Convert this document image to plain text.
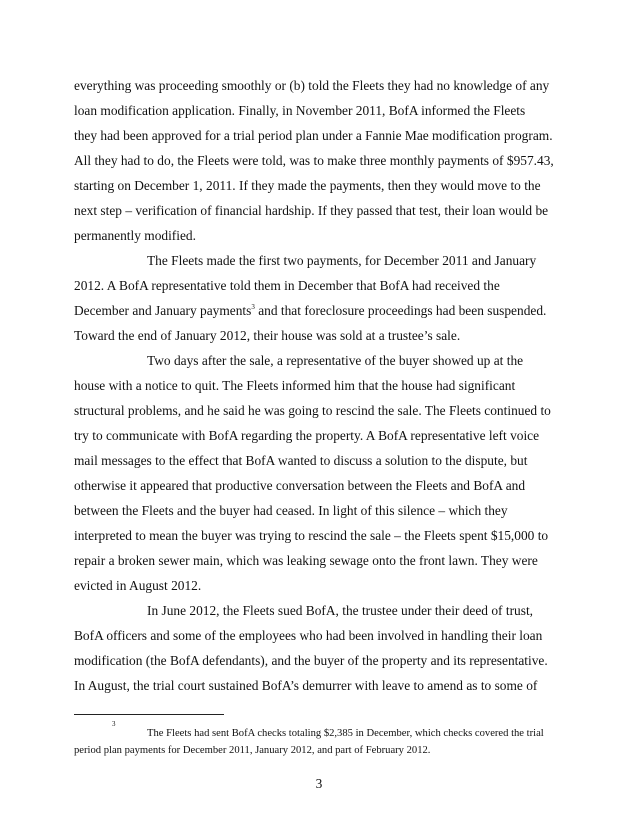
everything was proceeding smoothly or (b) told the Fleets they had no knowledge of any
loan modification application. Finally, in November 2011, BofA informed the Fleets
they had been approved for a trial period plan under a Fannie Mae modification program.
All they had to do, the Fleets were told, was to make three monthly payments of $957.43,
starting on December 1, 2011. If they made the payments, then they would move to the
next step – verification of financial hardship. If they passed that test, their loan would be
permanently modified.
The Fleets made the first two payments, for December 2011 and January
2012. A BofA representative told them in December that BofA had received the
December and January payments$^3$ and that foreclosure proceedings had been suspended.
Toward the end of January 2012, their house was sold at a trustee’s sale.
Two days after the sale, a representative of the buyer showed up at the
house with a notice to quit. The Fleets informed him that the house had significant
structural problems, and he said he was going to rescind the sale. The Fleets continued to
try to communicate with BofA regarding the property. A BofA representative left voice
mail messages to the effect that BofA wanted to discuss a solution to the dispute, but
otherwise it appeared that productive conversation between the Fleets and BofA and
between the Fleets and the buyer had ceased. In light of this silence – which they
interpreted to mean the buyer was trying to rescind the sale – the Fleets spent $15,000 to
repair a broken sewer main, which was leaking sewage onto the front lawn. They were
evicted in August 2012.
In June 2012, the Fleets sued BofA, the trustee under their deed of trust,
BofA officers and some of the employees who had been involved in handling their loan
modification (the BofA defendants), and the buyer of the property and its representative.
In August, the trial court sustained BofA’s demurrer with leave to amend as to some of
3
The Fleets had sent BofA checks totaling $2,385 in December, which checks covered the trial
period plan payments for December 2011, January 2012, and part of February 2012.
3
